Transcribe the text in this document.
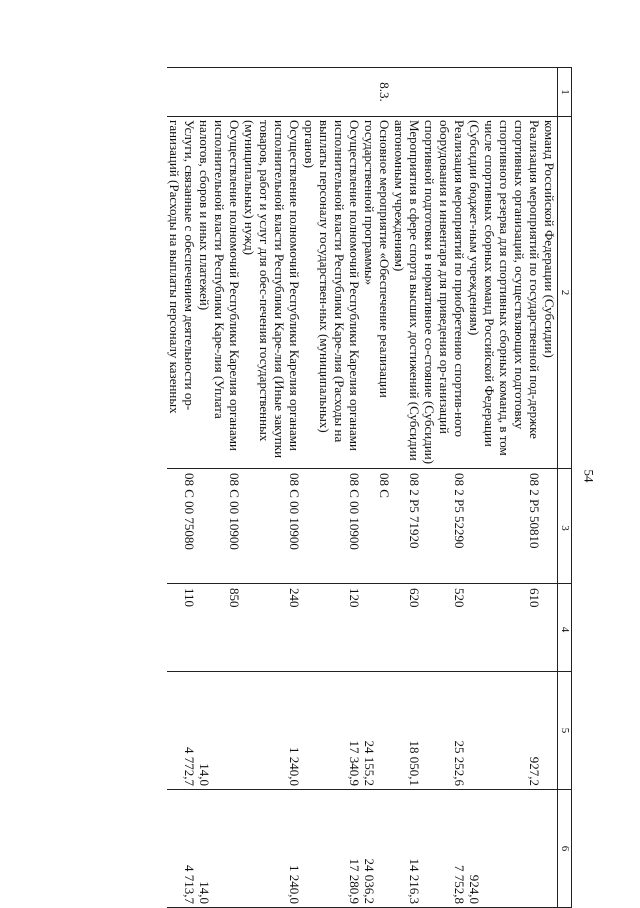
54
1	2	3	4	5	6

	команд Российской Федерации (Субсидии)				

	Реализация мероприятий по государственной под-держке спортивных организаций, осуществляющих подготовку спортивного резерва для спортивных сборных команд, в том числе спортивных сборных команд Российской Федерации (Субсидии бюджет-ным учреждениям)	08 2 P5 50810	610	927,2	924,0

	Реализация мероприятий по приобретению спортив-ного оборудования и инвентаря для приведения ор-ганизаций спортивной подготовки в нормативное со-стояние (Субсидии)	08 2 P5 52290	520	25 252,6	7 752,8

	Мероприятия в сфере спорта высших достижений (Субсидии автономным учреждениям)	08 2 P5 71920	620	18 050,1	14 216,3
8.3.	Основное мероприятие «Обеспечение реализации государственной программы»	08 С		24 155,2	24 036,2

	Осуществление полномочий Республики Карелия органами исполнительной власти Республики Каре-лия (Расходы на выплаты персоналу государствен-ных (муниципальных) органов)	08 С 00 10900	120	17 340,9	17 280,9

	Осуществление полномочий Республики Карелия органами исполнительной власти Республики Каре-лия (Иные закупки товаров, работ и услуг для обес-печения государственных (муниципальных) нужд)	08 С 00 10900	240	1 240,0	1 240,0

	Осуществление полномочий Республики Карелия органами исполнительной власти Республики Каре-лия (Уплата налогов, сборов и иных платежей)	08 С 00 10900	850	14,0	14,0

	Услуги, связанные с обеспечением деятельности ор-ганизаций (Расходы на выплаты персоналу казенных	08 С 00 75080	110	4 772,7	4 713,7
